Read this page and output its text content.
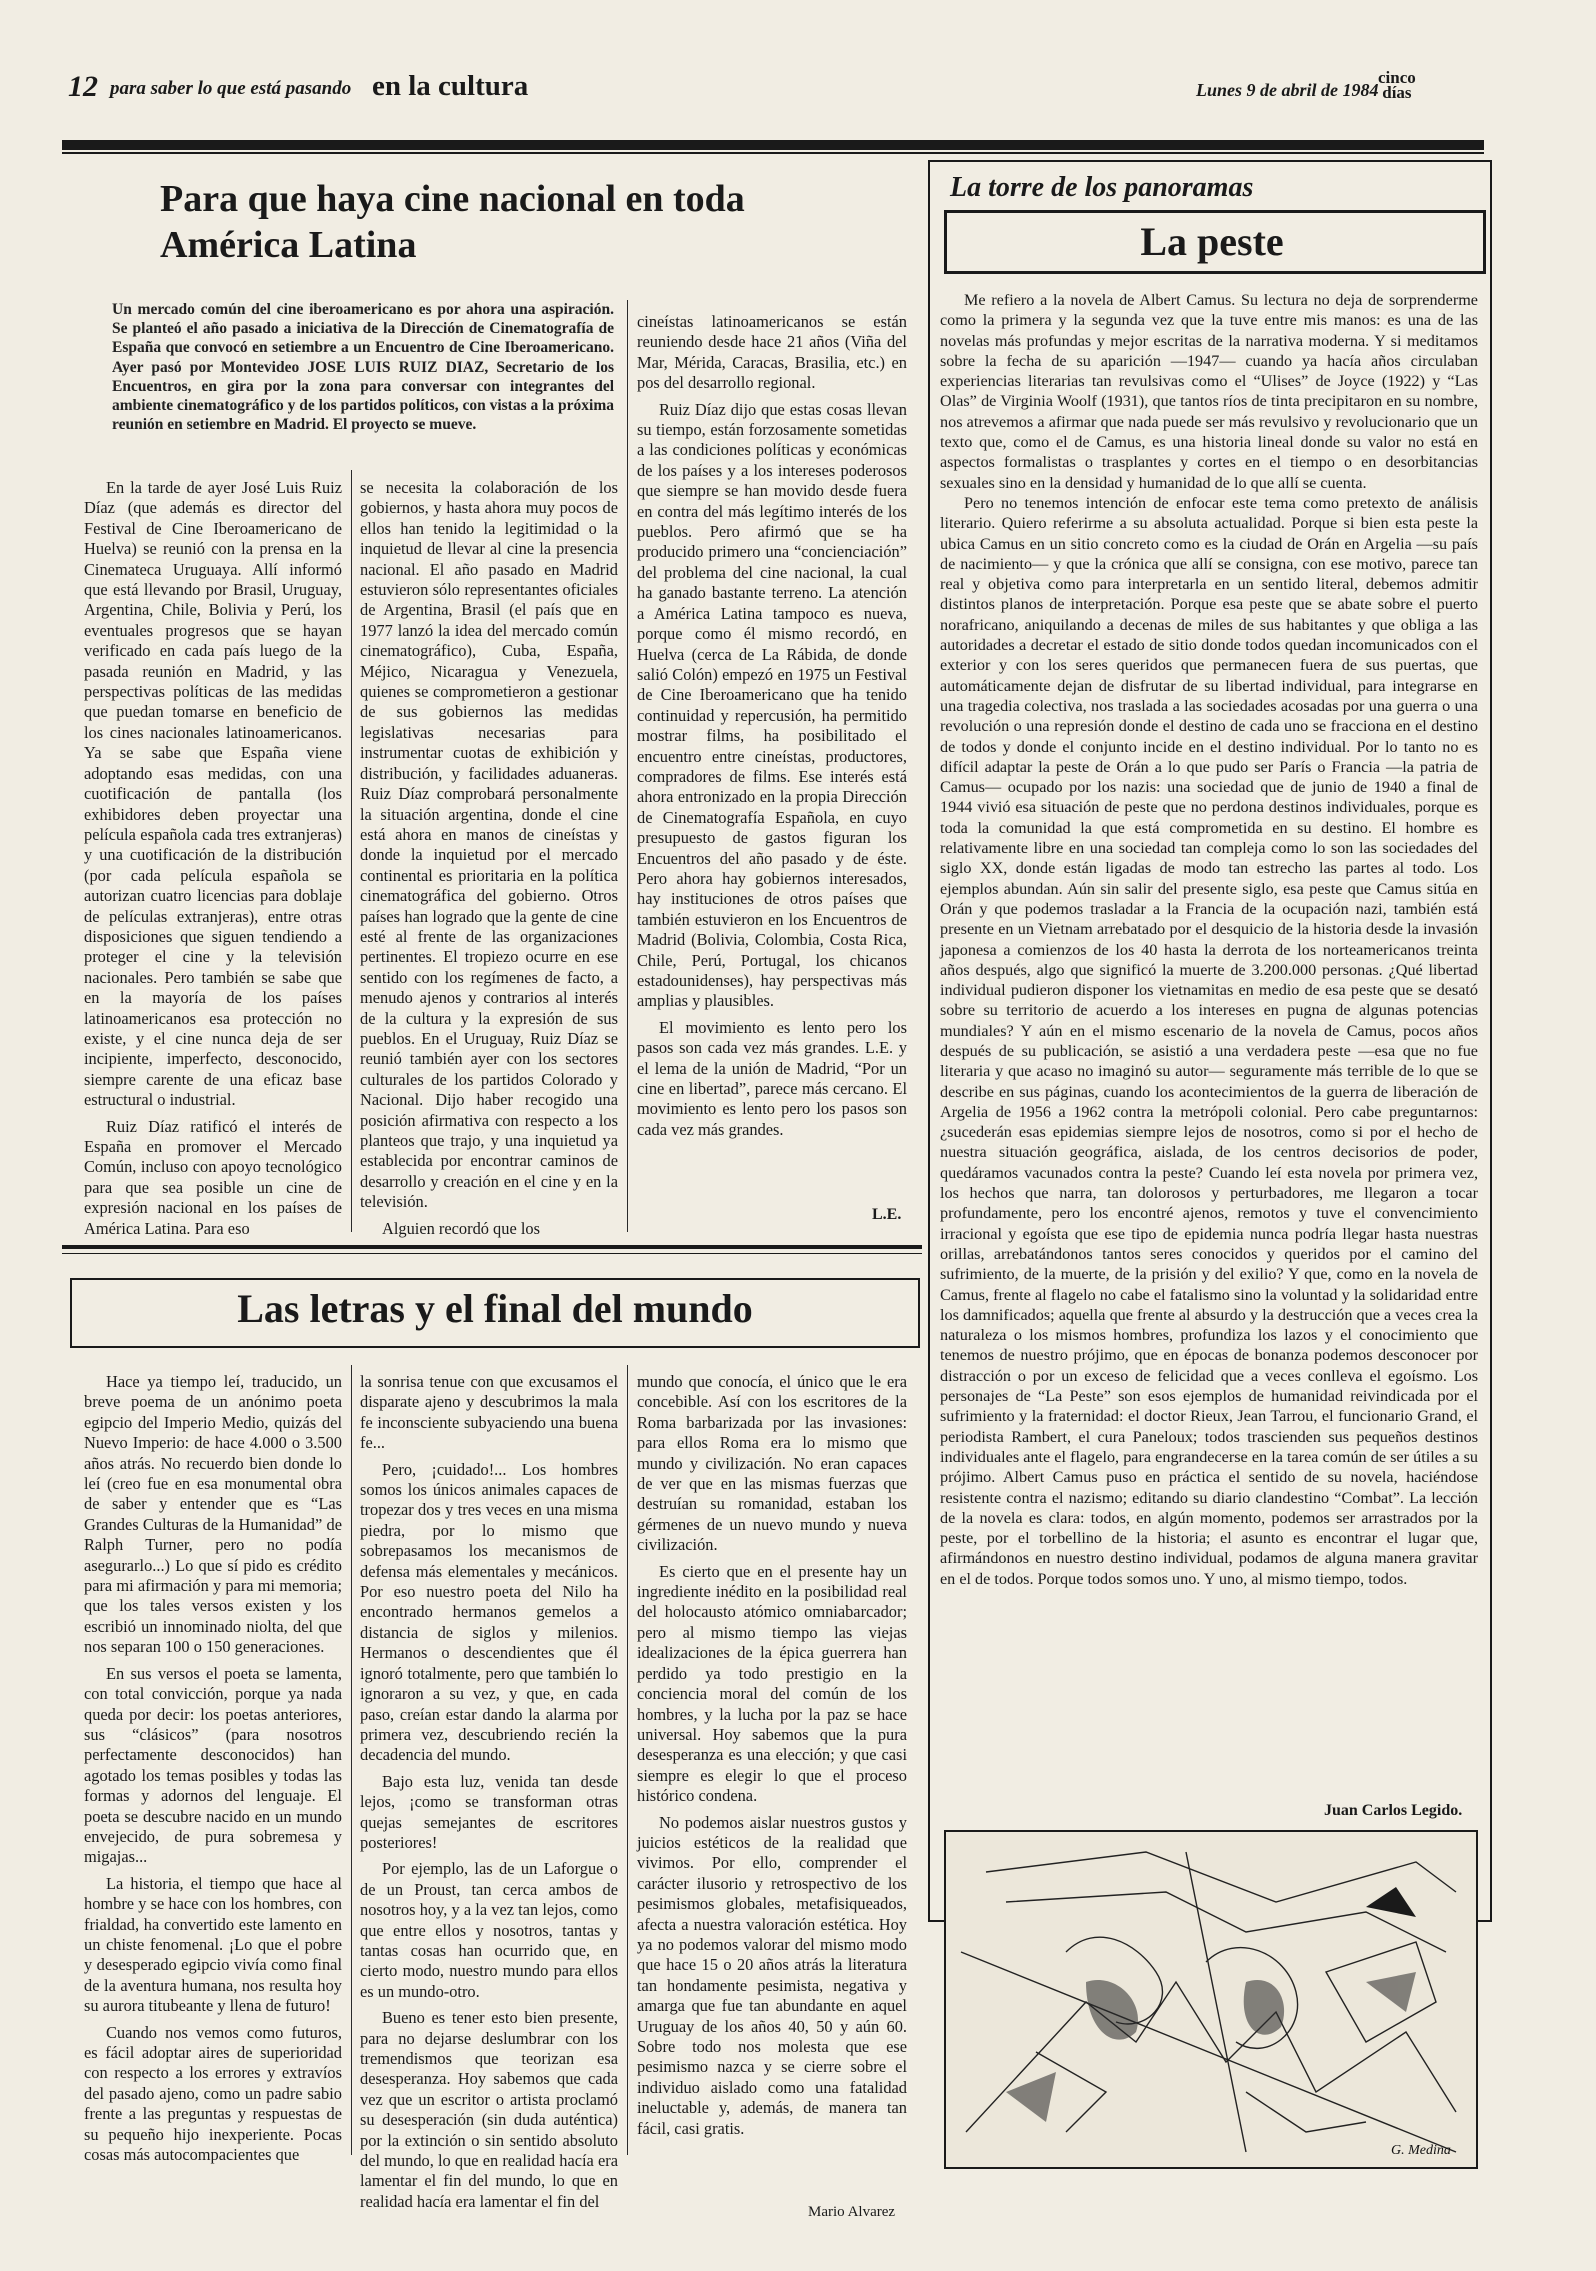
12 para saber lo que está pasando en la cultura	Lunes 9 de abril de 1984
cinco
días
Para que haya cine nacional en toda América Latina
Un mercado común del cine iberoamericano es por ahora una aspiración. Se planteó el año pasado a iniciativa de la Dirección de Cinematografía de España que convocó en setiembre a un Encuentro de Cine Iberoamericano. Ayer pasó por Montevideo JOSE LUIS RUIZ DIAZ, Secretario de los Encuentros, en gira por la zona para conversar con integrantes del ambiente cinematográfico y de los partidos políticos, con vistas a la próxima reunión en setiembre en Madrid. El proyecto se mueve.

En la tarde de ayer José Luis Ruiz Díaz (que además es director del Festival de Cine Iberoamericano de Huelva) se reunió con la prensa en la Cinemateca Uruguaya. Allí informó que está llevando por Brasil, Uruguay, Argentina, Chile, Bolivia y Perú, los eventuales progresos que se hayan verificado en cada país luego de la pasada reunión en Madrid, y las perspectivas políticas de las medidas que puedan tomarse en beneficio de los cines nacionales latinoamericanos. Ya se sabe que España viene adoptando esas medidas, con una cuotificación de pantalla (los exhibidores deben proyectar una película española cada tres extranjeras) y una cuotificación de la distribución (por cada película española se autorizan cuatro licencias para doblaje de películas extranjeras), entre otras disposiciones que siguen tendiendo a proteger el cine y la televisión nacionales. Pero también se sabe que en la mayoría de los países latinoamericanos esa protección no existe, y el cine nunca deja de ser incipiente, imperfecto, desconocido, siempre carente de una eficaz base estructural o industrial.

Ruiz Díaz ratificó el interés de España en promover el Mercado Común, incluso con apoyo tecnológico para que sea posible un cine de expresión nacional en los países de América Latina. Para eso

se necesita la colaboración de los gobiernos, y hasta ahora muy pocos de ellos han tenido la legitimidad o la inquietud de llevar al cine la presencia nacional. El año pasado en Madrid estuvieron sólo representantes oficiales de Argentina, Brasil (el país que en 1977 lanzó la idea del mercado común cinematográfico), Cuba, España, Méjico, Nicaragua y Venezuela, quienes se comprometieron a gestionar de sus gobiernos las medidas legislativas necesarias para instrumentar cuotas de exhibición y distribución, y facilidades aduaneras. Ruiz Díaz comprobará personalmente la situación argentina, donde el cine está ahora en manos de cineístas y donde la inquietud por el mercado continental es prioritaria en la política cinematográfica del gobierno. Otros países han logrado que la gente de cine esté al frente de las organizaciones pertinentes. El tropiezo ocurre en ese sentido con los regímenes de facto, a menudo ajenos y contrarios al interés de la cultura y la expresión de sus pueblos. En el Uruguay, Ruiz Díaz se reunió también ayer con los sectores culturales de los partidos Colorado y Nacional. Dijo haber recogido una posición afirmativa con respecto a los planteos que trajo, y una inquietud ya establecida por encontrar caminos de desarrollo y creación en el cine y en la televisión.

Alguien recordó que los

cineístas latinoamericanos se están reuniendo desde hace 21 años (Viña del Mar, Mérida, Caracas, Brasilia, etc.) en pos del desarrollo regional.

Ruiz Díaz dijo que estas cosas llevan su tiempo, están forzosamente sometidas a las condiciones políticas y económicas de los países y a los intereses poderosos que siempre se han movido desde fuera en contra del más legítimo interés de los pueblos. Pero afirmó que se ha producido primero una “concienciación” del problema del cine nacional, la cual ha ganado bastante terreno. La atención a América Latina tampoco es nueva, porque como él mismo recordó, en Huelva (cerca de La Rábida, de donde salió Colón) empezó en 1975 un Festival de Cine Iberoamericano que ha tenido continuidad y repercusión, ha permitido mostrar films, ha posibilitado el encuentro entre cineístas, productores, compradores de films. Ese interés está ahora entronizado en la propia Dirección de Cinematografía Española, en cuyo presupuesto de gastos figuran los Encuentros del año pasado y de éste. Pero ahora hay gobiernos interesados, hay instituciones de otros países que también estuvieron en los Encuentros de Madrid (Bolivia, Colombia, Costa Rica, Chile, Perú, Portugal, los chicanos estadounidenses), hay perspectivas más amplias y plausibles.

El movimiento es lento pero los pasos son cada vez más grandes. L.E. y el lema de la unión de Madrid, “Por un cine en libertad”, parece más cercano. El movimiento es lento pero los pasos son cada vez más grandes.

L.E.
Las letras y el final del mundo

Hace ya tiempo leí, traducido, un breve poema de un anónimo poeta egipcio del Imperio Medio, quizás del Nuevo Imperio: de hace 4.000 o 3.500 años atrás. No recuerdo bien donde lo leí (creo fue en esa monumental obra de saber y entender que es “Las Grandes Culturas de la Humanidad” de Ralph Turner, pero no podía asegurarlo...) Lo que sí pido es crédito para mi afirmación y para mi memoria; que los tales versos existen y los escribió un innominado niolta, del que nos separan 100 o 150 generaciones.

En sus versos el poeta se lamenta, con total convicción, porque ya nada queda por decir: los poetas anteriores, sus “clásicos” (para nosotros perfectamente desconocidos) han agotado los temas posibles y todas las formas y adornos del lenguaje. El poeta se descubre nacido en un mundo envejecido, de pura sobremesa y migajas...

La historia, el tiempo que hace al hombre y se hace con los hombres, con frialdad, ha convertido este lamento en un chiste fenomenal. ¡Lo que el pobre y desesperado egipcio vivía como final de la aventura humana, nos resulta hoy su aurora titubeante y llena de futuro!

Cuando nos vemos como futuros, es fácil adoptar aires de superioridad con respecto a los errores y extravíos del pasado ajeno, como un padre sabio frente a las preguntas y respuestas de su pequeño hijo inexperiente. Pocas cosas más autocompacientes que

la sonrisa tenue con que excusamos el disparate ajeno y descubrimos la mala fe inconsciente subyaciendo una buena fe...

Pero, ¡cuidado!... Los hombres somos los únicos animales capaces de tropezar dos y tres veces en una misma piedra, por lo mismo que sobrepasamos los mecanismos de defensa más elementales y mecánicos. Por eso nuestro poeta del Nilo ha encontrado hermanos gemelos a distancia de siglos y milenios. Hermanos o descendientes que él ignoró totalmente, pero que también lo ignoraron a su vez, y que, en cada paso, creían estar dando la alarma por primera vez, descubriendo recién la decadencia del mundo.

Bajo esta luz, venida tan desde lejos, ¡como se transforman otras quejas semejantes de escritores posteriores!

Por ejemplo, las de un Laforgue o de un Proust, tan cerca ambos de nosotros hoy, y a la vez tan lejos, como que entre ellos y nosotros, tantas y tantas cosas han ocurrido que, en cierto modo, nuestro mundo para ellos es un mundo-otro.

Bueno es tener esto bien presente, para no dejarse deslumbrar con los tremendismos que teorizan esa desesperanza. Hoy sabemos que cada vez que un escritor o artista proclamó su desesperación (sin duda auténtica) por la extinción o sin sentido absoluto del mundo, lo que en realidad hacía era lamentar el fin del mundo, lo que en realidad hacía era lamentar el fin del

mundo que conocía, el único que le era concebible. Así con los escritores de la Roma barbarizada por las invasiones: para ellos Roma era lo mismo que mundo y civilización. No eran capaces de ver que en las mismas fuerzas que destruían su romanidad, estaban los gérmenes de un nuevo mundo y nueva civilización.

Es cierto que en el presente hay un ingrediente inédito en la posibilidad real del holocausto atómico omniabarcador; pero al mismo tiempo las viejas idealizaciones de la épica guerrera han perdido ya todo prestigio en la conciencia moral del común de los hombres, y la lucha por la paz se hace universal. Hoy sabemos que la pura desesperanza es una elección; y que casi siempre es elegir lo que el proceso histórico condena.

No podemos aislar nuestros gustos y juicios estéticos de la realidad que vivimos. Por ello, comprender el carácter ilusorio y retrospectivo de los pesimismos globales, metafisiqueados, afecta a nuestra valoración estética. Hoy ya no podemos valorar del mismo modo que hace 15 o 20 años atrás la literatura tan hondamente pesimista, negativa y amarga que fue tan abundante en aquel Uruguay de los años 40, 50 y aún 60. Sobre todo nos molesta que ese pesimismo nazca y se cierre sobre el individuo aislado como una fatalidad ineluctable y, además, de manera tan fácil, casi gratis.

Mario Alvarez
La torre de los panoramas
La peste

Me refiero a la novela de Albert Camus. Su lectura no deja de sorprenderme como la primera y la segunda vez que la tuve entre mis manos: es una de las novelas más profundas y mejor escritas de la narrativa moderna. Y si meditamos sobre la fecha de su aparición —1947— cuando ya hacía años circulaban experiencias literarias tan revulsivas como el “Ulises” de Joyce (1922) y “Las Olas” de Virginia Woolf (1931), que tantos ríos de tinta precipitaron en su nombre, nos atrevemos a afirmar que nada puede ser más revulsivo y revolucionario que un texto que, como el de Camus, es una historia lineal donde su valor no está en aspectos formalistas o trasplantes y cortes en el tiempo o en desorbitancias sexuales sino en la densidad y humanidad de lo que allí se cuenta.

Pero no tenemos intención de enfocar este tema como pretexto de análisis literario. Quiero referirme a su absoluta actualidad. Porque si bien esta peste la ubica Camus en un sitio concreto como es la ciudad de Orán en Argelia —su país de nacimiento— y que la crónica que allí se consigna, con ese motivo, parece tan real y objetiva como para interpretarla en un sentido literal, debemos admitir distintos planos de interpretación. Porque esa peste que se abate sobre el puerto norafricano, aniquilando a decenas de miles de sus habitantes y que obliga a las autoridades a decretar el estado de sitio donde todos quedan incomunicados con el exterior y con los seres queridos que permanecen fuera de sus puertas, que automáticamente dejan de disfrutar de su libertad individual, para integrarse en una tragedia colectiva, nos traslada a las sociedades acosadas por una guerra o una revolución o una represión donde el destino de cada uno se fracciona en el destino de todos y donde el conjunto incide en el destino individual. Por lo tanto no es difícil adaptar la peste de Orán a lo que pudo ser París o Francia —la patria de Camus— ocupado por los nazis: una sociedad que de junio de 1940 a final de 1944 vivió esa situación de peste que no perdona destinos individuales, porque es toda la comunidad la que está comprometida en su destino. El hombre es relativamente libre en una sociedad tan compleja como lo son las sociedades del siglo XX, donde están ligadas de modo tan estrecho las partes al todo. Los ejemplos abundan. Aún sin salir del presente siglo, esa peste que Camus sitúa en Orán y que podemos trasladar a la Francia de la ocupación nazi, también está presente en un Vietnam arrebatado por el desquicio de la historia desde la invasión japonesa a comienzos de los 40 hasta la derrota de los norteamericanos treinta años después, algo que significó la muerte de 3.200.000 personas. ¿Qué libertad individual pudieron disponer los vietnamitas en medio de esa peste que se desató sobre su territorio de acuerdo a los intereses en pugna de algunas potencias mundiales? Y aún en el mismo escenario de la novela de Camus, pocos años después de su publicación, se asistió a una verdadera peste —esa que no fue literaria y que acaso no imaginó su autor— seguramente más terrible de lo que se describe en sus páginas, cuando los acontecimientos de la guerra de liberación de Argelia de 1956 a 1962 contra la metrópoli colonial. Pero cabe preguntarnos: ¿sucederán esas epidemias siempre lejos de nosotros, como si por el hecho de nuestra situación geográfica, aislada, de los centros decisorios de poder, quedáramos vacunados contra la peste? Cuando leí esta novela por primera vez, los hechos que narra, tan dolorosos y perturbadores, me llegaron a tocar profundamente, pero los encontré ajenos, remotos y tuve el convencimiento irracional y egoísta que ese tipo de epidemia nunca podría llegar hasta nuestras orillas, arrebatándonos tantos seres conocidos y queridos por el camino del sufrimiento, de la muerte, de la prisión y del exilio? Y que, como en la novela de Camus, frente al flagelo no cabe el fatalismo sino la voluntad y la solidaridad entre los damnificados; aquella que frente al absurdo y la destrucción que a veces crea la naturaleza o los mismos hombres, profundiza los lazos y el conocimiento que tenemos de nuestro prójimo, que en épocas de bonanza podemos desconocer por distracción o por un exceso de felicidad que a veces conlleva el egoísmo. Los personajes de “La Peste” son esos ejemplos de humanidad reivindicada por el sufrimiento y la fraternidad: el doctor Rieux, Jean Tarrou, el funcionario Grand, el periodista Rambert, el cura Paneloux; todos trascienden sus pequeños destinos individuales ante el flagelo, para engrandecerse en la tarea común de ser útiles a su prójimo. Albert Camus puso en práctica el sentido de su novela, haciéndose resistente contra el nazismo; editando su diario clandestino “Combat”. La lección de la novela es clara: todos, en algún momento, podemos ser arrastrados por la peste, por el torbellino de la historia; el asunto es encontrar el lugar que, afirmándonos en nuestro destino individual, podamos de alguna manera gravitar en el de todos. Porque todos somos uno. Y uno, al mismo tiempo, todos.

Juan Carlos Legido.
G. Medina
